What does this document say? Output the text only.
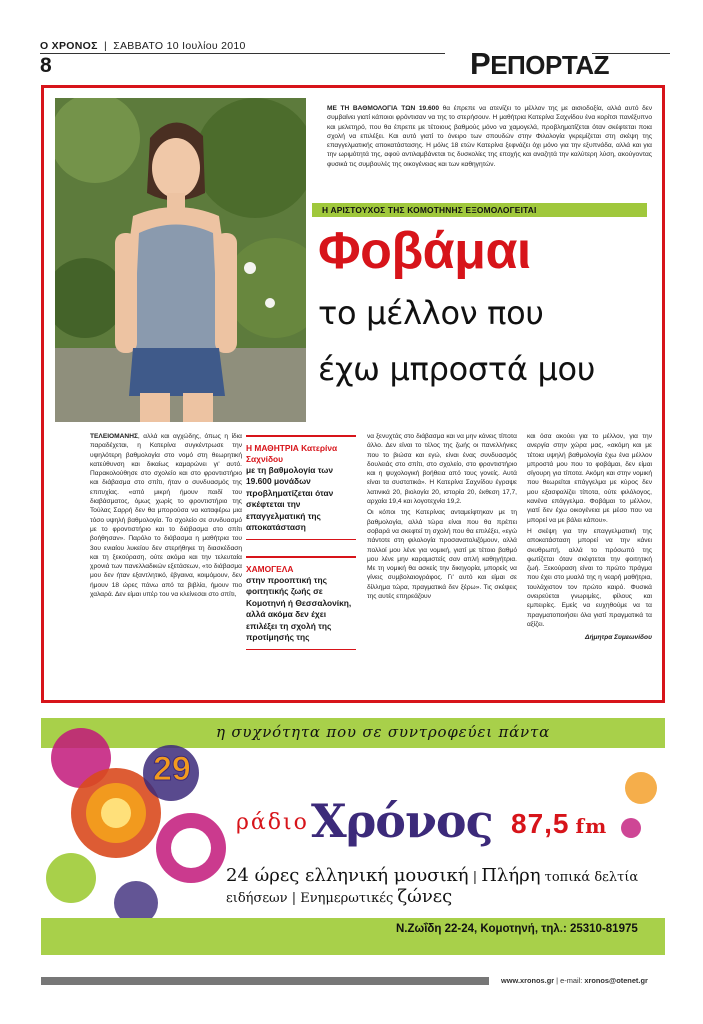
Ο ΧΡΟΝΟΣ | ΣΑΒΒΑΤΟ 10 Ιουλίου 2010
8	ΡΕΠΟΡΤΑΖ
ΜΕ ΤΗ ΒΑΘΜΟΛΟΓΙΑ ΤΩΝ 19.600 θα έπρεπε να ατενίζει το μέλλον της με αισιοδοξία, αλλά αυτό δεν συμβαίνει γιατί κάποιοι φρόντισαν να της το στερήσουν. Η μαθήτρια Κατερίνα Σαχνίδου ένα κορίτσι πανέξυπνο και μελετηρό, που θα έπρεπε με τέτοιους βαθμούς μόνο να χαμογελά, προβληματίζεται όταν σκέφτεται ποια σχολή να επιλέξει. Και αυτό γιατί το όνειρο των σπουδών στην Φιλολογία γκρεμίζεται στη σκέψη της επαγγελματικής αποκατάστασης. Η μόλις 18 ετών Κατερίνα ξεφνάζει όχι μόνο για την εξυπνάδα, αλλά και για την ωριμότητά της, αφού αντιλαμβάνεται τις δυσκολίες της εποχής και αναζητά την καλύτερη λύση, ακούγοντας φυσικά τις συμβουλές της οικογένειας και των καθηγητών.
Η ΑΡΙΣΤΟΥΧΟΣ ΤΗΣ ΚΟΜΟΤΗΝΗΣ ΕΞΟΜΟΛΟΓΕΙΤΑΙ
Φοβάμαι
το μέλλον που
έχω μπροστά μου
ΤΕΛΕΙΟΜΑΝΗΣ, αλλά και αγχώδης, όπως η ίδια παραδέχεται, η Κατερίνα συγκέντρωσε την υψηλότερη βαθμολογία στο νομό στη θεωρητική κατεύθυνση και δικαίως καμαρώνει γι' αυτό. Παρακολούθησε στο σχολείο και στο φροντιστήριο και διάβασμα στο σπίτι, ήταν ο συνδυασμός της επιτυχίας. «από μικρή ήμουν παιδί του διαβάσματος, όμως χωρίς το φροντιστήριο της Τούλας Σαρρή δεν θα μπορούσα να καταφέρω μια τόσο υψηλή βαθμολογία. Το σχολείο σε συνδυασμό με το φροντιστήριο και το διάβασμα στο σπίτι βοήθησαν». Παρόλο το διάβασμα η μαθήτρια του 3ου ενιαίου λυκείου δεν στερήθηκε τη διασκέδαση και τη ξεκούραση, ούτε ακόμα και την τελευταία χρονιά των πανελλαδικών εξετάσεων, «το διάβασμα μου δεν ήταν εξαντλητικό, έβγαινα, κοιμόμουν, δεν ήμουν 18 ώρες πάνω από τα βιβλία, ήμουν πιο χαλαρά. Δεν είμαι υπέρ του να κλείνεσαι στο σπίτι,
Η ΜΑΘΗΤΡΙΑ Κατερίνα Σαχνίδου
με τη βαθμολογία των 19.600 μονάδων προβληματίζεται όταν σκέφτεται την επαγγελματική της αποκατάσταση
ΧΑΜΟΓΕΛΑ
στην προοπτική της φοιτητικής ζωής σε Κομοτηνή ή Θεσσαλονίκη, αλλά ακόμα δεν έχει επιλέξει τη σχολή της προτίμησής της

να ξενυχτάς στο διάβασμα και να μην κάνεις τίποτα άλλο. Δεν είναι το τέλος της ζωής οι πανελλήνιες που το βιώσα και εγώ, είναι ένας συνδυασμός δουλειάς στο σπίτι, στο σχολείο, στο φροντιστήριο και η ψυχολογική βοήθεια από τους γονείς. Αυτά είναι τα συστατικά». Η Κατερίνα Σαχνίδου έγραψε λατινικά 20, βιολογία 20, ιστορία 20, έκθεση 17,7, αρχαία 19,4 και λογοτεχνία 19,2.

Οι κόποι της Κατερίνας ανταμείφτηκαν με τη βαθμολογία, αλλά τώρα είναι που θα πρέπει σοβαρά να σκεφτεί τη σχολή που θα επιλέξει, «εγώ πάντοτε στη φιλολογία προσανατολιζόμουν, αλλά πολλοί μου λένε για νομική, γιατί με τέτοιο βαθμό μου λένε μην καραμιστείς σαν απλή καθηγήτρια. Με τη νομική θα ασκείς την δικηγορία, μπορείς να γίνεις συμβολαιογράφος. Γι' αυτό και είμαι σε δίλλημα τώρα, πραγματικά δεν ξέρω». Τις σκέψεις της αυτές επηρεάζουν

και όσα ακούει για το μέλλον, για την ανεργία στην χώρα μας, «ακόμη και με τέτοια υψηλή βαθμολογία έχω ένα μέλλον μπροστά μου που το φοβάμαι, δεν είμαι σίγουρη για τίποτα. Ακόμη και στην νομική που θεωρείται επάγγελμα με κύρος δεν μου εξασφαλίζει τίποτα, ούτε φιλόλογος, κανένα επάγγελμα. Φοβάμαι το μέλλον, γιατί δεν έχω οικογένεια με μέσο που να μπορεί να με βάλει κάπου».

Η σκέψη για την επαγγελματική της αποκατάσταση μπορεί να την κάνει σκυθρωπή, αλλά το πρόσωπό της φωτίζεται όταν σκέφτεται την φοιτητική ζωή. Ξεκούραση είναι το πρώτο πράγμα που έχει στο μυαλό της η νεαρή μαθήτρια, τουλάχιστον τον πρώτο καιρό. Φυσικά ονειρεύεται γνωριμίες, φίλους και εμπειρίες. Εμείς να ευχηθούμε να τα πραγματοποιήσει όλα γιατί πραγματικά τα αξίζει.

Δήμητρα Συμεωνίδου
29
η συχνότητα που σε συντροφεύει πάντα
ράδιο Χρόνος 87,5 fm
24 ώρες ελληνική μουσική | Πλήρη τοπικά δελτία ειδήσεων | Ενημερωτικές ζώνες
Ν.Ζωΐδη 22-24, Κομοτηνή, τηλ.: 25310-81975
www.xronos.gr | e-mail: xronos@otenet.gr
